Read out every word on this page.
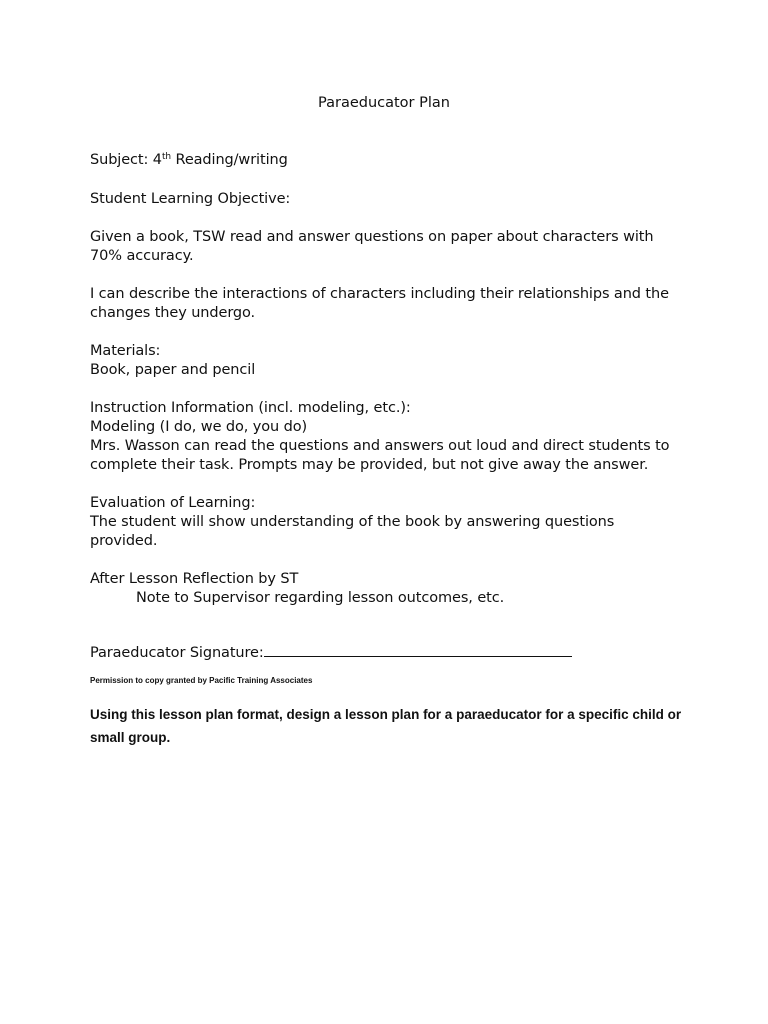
Paraeducator Plan
Subject: 4th Reading/writing
Student Learning Objective:
Given a book, TSW read and answer questions on paper about characters with
70% accuracy.
I can describe the interactions of characters including their relationships and the
changes they undergo.
Materials:
Book, paper and pencil
Instruction Information (incl. modeling, etc.):
Modeling (I do, we do, you do)
Mrs. Wasson can read the questions and answers out loud and direct students to
complete their task. Prompts may be provided, but not give away the answer.
Evaluation of Learning:
The student will show understanding of the book by answering questions
provided.
After Lesson Reflection by ST
Note to Supervisor regarding lesson outcomes, etc.
Paraeducator Signature:
Permission to copy granted by Pacific Training Associates
Using this lesson plan format, design a lesson plan for a paraeducator for a specific child or small group.
